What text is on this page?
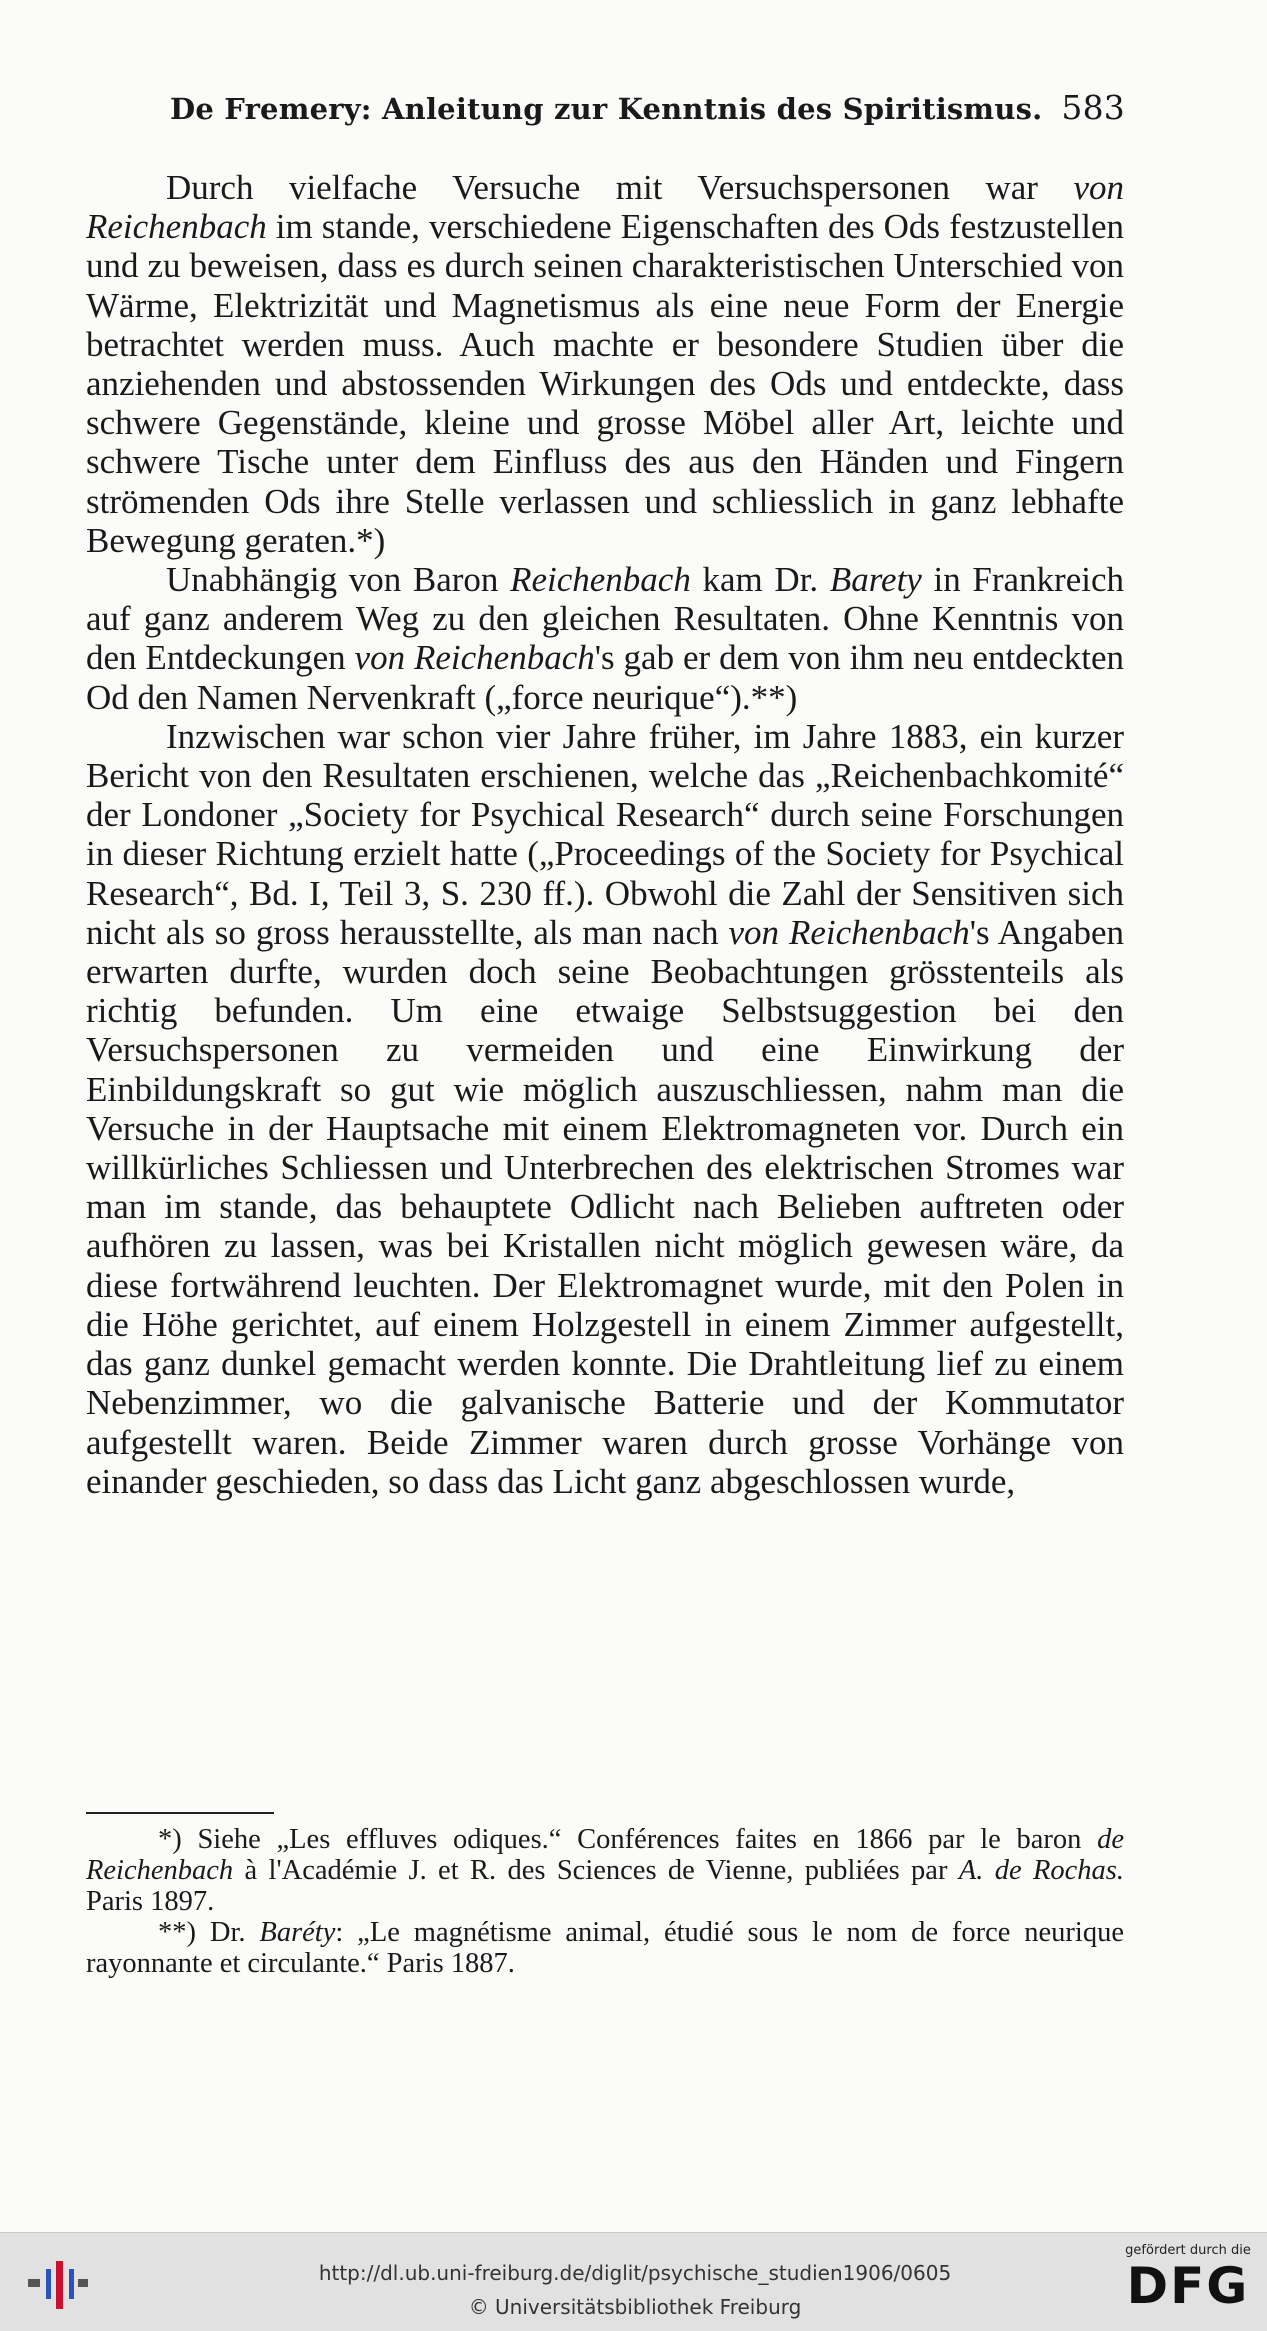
De Fremery: Anleitung zur Kenntnis des Spiritismus. 583

Durch vielfache Versuche mit Versuchspersonen war von Reichenbach im stande, verschiedene Eigenschaften des Ods festzustellen und zu beweisen, dass es durch seinen charakteristischen Unterschied von Wärme, Elektrizität und Magnetismus als eine neue Form der Energie betrachtet werden muss. Auch machte er besondere Studien über die anziehenden und abstossenden Wirkungen des Ods und entdeckte, dass schwere Gegenstände, kleine und grosse Möbel aller Art, leichte und schwere Tische unter dem Einfluss des aus den Händen und Fingern strömenden Ods ihre Stelle verlassen und schliesslich in ganz lebhafte Bewegung geraten.*)

Unabhängig von Baron Reichenbach kam Dr. Barety in Frankreich auf ganz anderem Weg zu den gleichen Resultaten. Ohne Kenntnis von den Entdeckungen von Reichenbach's gab er dem von ihm neu entdeckten Od den Namen Nervenkraft („force neurique“).**)

Inzwischen war schon vier Jahre früher, im Jahre 1883, ein kurzer Bericht von den Resultaten erschienen, welche das „Reichenbachkomité“ der Londoner „Society for Psychical Research“ durch seine Forschungen in dieser Richtung erzielt hatte („Proceedings of the Society for Psychical Research“, Bd. I, Teil 3, S. 230 ff.). Obwohl die Zahl der Sensitiven sich nicht als so gross herausstellte, als man nach von Reichenbach's Angaben erwarten durfte, wurden doch seine Beobachtungen grösstenteils als richtig befunden. Um eine etwaige Selbstsuggestion bei den Versuchspersonen zu vermeiden und eine Einwirkung der Einbildungskraft so gut wie möglich auszuschliessen, nahm man die Versuche in der Hauptsache mit einem Elektromagneten vor. Durch ein willkürliches Schliessen und Unterbrechen des elektrischen Stromes war man im stande, das behauptete Odlicht nach Belieben auftreten oder aufhören zu lassen, was bei Kristallen nicht möglich gewesen wäre, da diese fortwährend leuchten. Der Elektromagnet wurde, mit den Polen in die Höhe gerichtet, auf einem Holzgestell in einem Zimmer aufgestellt, das ganz dunkel gemacht werden konnte. Die Drahtleitung lief zu einem Nebenzimmer, wo die galvanische Batterie und der Kommutator aufgestellt waren. Beide Zimmer waren durch grosse Vorhänge von einander geschieden, so dass das Licht ganz abgeschlossen wurde,

*) Siehe „Les effluves odiques.“ Conférences faites en 1866 par le baron de Reichenbach à l'Académie J. et R. des Sciences de Vienne, publiées par A. de Rochas. Paris 1897.

**) Dr. Baréty: „Le magnétisme animal, étudié sous le nom de force neurique rayonnante et circulante.“ Paris 1887.

http://dl.ub.uni-freiburg.de/diglit/psychische_studien1906/0605
© Universitätsbibliothek Freiburg
gefördert durch die
DFG
